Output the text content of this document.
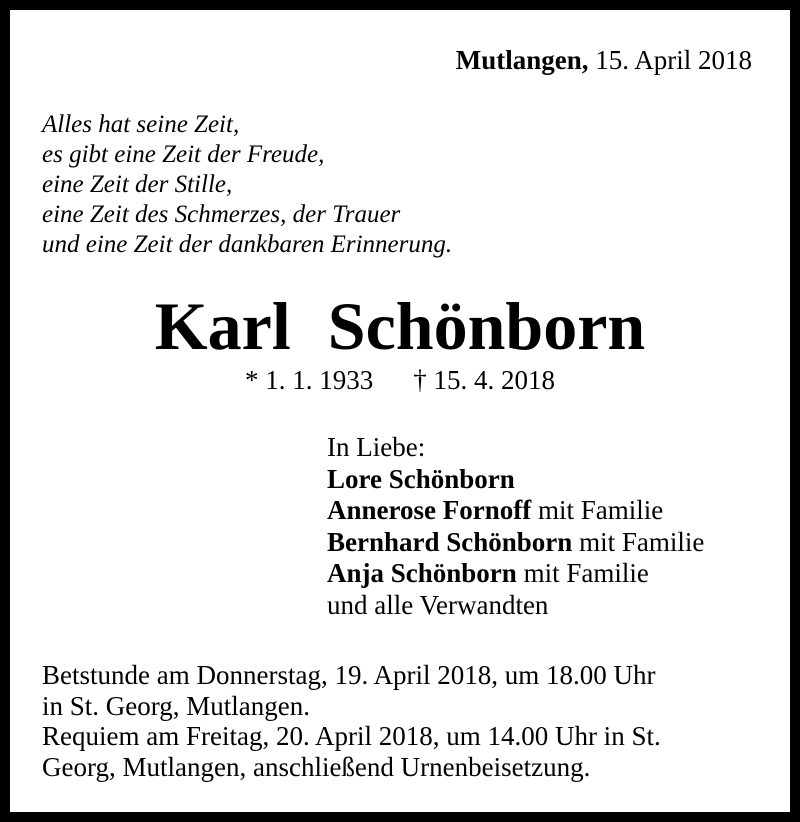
Mutlangen, 15. April 2018
Alles hat seine Zeit,
es gibt eine Zeit der Freude,
eine Zeit der Stille,
eine Zeit des Schmerzes, der Trauer
und eine Zeit der dankbaren Erinnerung.
Karl Schönborn
* 1. 1. 1933 † 15. 4. 2018
In Liebe:
Lore Schönborn
Annerose Fornoff mit Familie
Bernhard Schönborn mit Familie
Anja Schönborn mit Familie
und alle Verwandten
Betstunde am Donnerstag, 19. April 2018, um 18.00 Uhr
in St. Georg, Mutlangen.
Requiem am Freitag, 20. April 2018, um 14.00 Uhr in St.
Georg, Mutlangen, anschließend Urnenbeisetzung.
